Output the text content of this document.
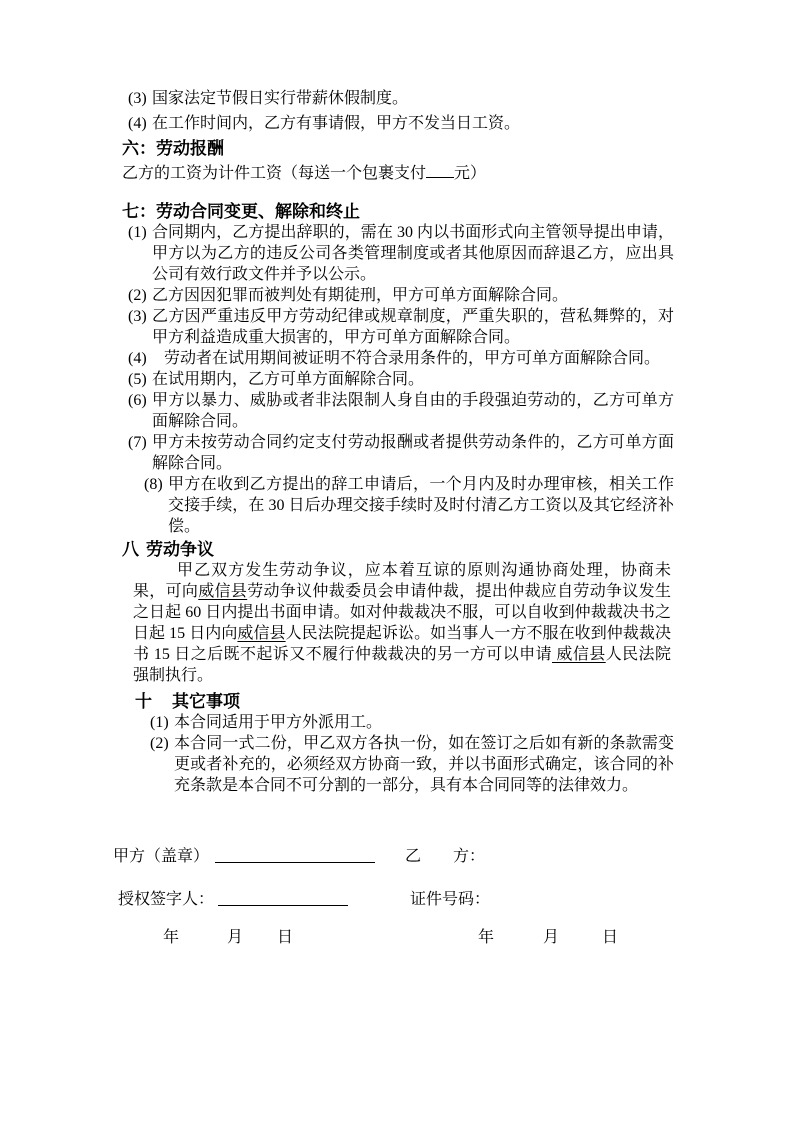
(3) 国家法定节假日实行带薪休假制度。
(4) 在工作时间内，乙方有事请假，甲方不发当日工资。
六：劳动报酬
乙方的工资为计件工资（每送一个包裹支付 元）
七：劳动合同变更、解除和终止
(1) 合同期内，乙方提出辞职的，需在 30 内以书面形式向主管领导提出申请，甲方以为乙方的违反公司各类管理制度或者其他原因而辞退乙方，应出具公司有效行政文件并予以公示。
(2) 乙方因因犯罪而被判处有期徒刑，甲方可单方面解除合同。
(3) 乙方因严重违反甲方劳动纪律或规章制度，严重失职的，营私舞弊的，对甲方利益造成重大损害的，甲方可单方面解除合同。
(4)	劳动者在试用期间被证明不符合录用条件的，甲方可单方面解除合同。
(5) 在试用期内，乙方可单方面解除合同。
(6) 甲方以暴力、威胁或者非法限制人身自由的手段强迫劳动的，乙方可单方面解除合同。
(7) 甲方未按劳动合同约定支付劳动报酬或者提供劳动条件的，乙方可单方面解除合同。
(8) 甲方在收到乙方提出的辞工申请后，一个月内及时办理审核，相关工作交接手续，在 30 日后办理交接手续时及时付清乙方工资以及其它经济补偿。
八 劳动争议
甲乙双方发生劳动争议，应本着互谅的原则沟通协商处理，协商未果，可向威信县劳动争议仲裁委员会申请仲裁，提出仲裁应自劳动争议发生之日起 60 日内提出书面申请。如对仲裁裁决不服，可以自收到仲裁裁决书之日起 15 日内向威信县人民法院提起诉讼。如当事人一方不服在收到仲裁裁决书 15 日之后既不起诉又不履行仲裁裁决的另一方可以申请 威信县人民法院强制执行。
十 其它事项
(1) 本合同适用于甲方外派用工。
(2) 本合同一式二份，甲乙双方各执一份，如在签订之后如有新的条款需变更或者补充的，必须经双方协商一致，并以书面形式确定，该合同的补充条款是本合同不可分割的一部分，具有本合同同等的法律效力。
甲方（盖章）	乙　　方：
授权签字人：	证件号码：
年	月 日	年	月	日
